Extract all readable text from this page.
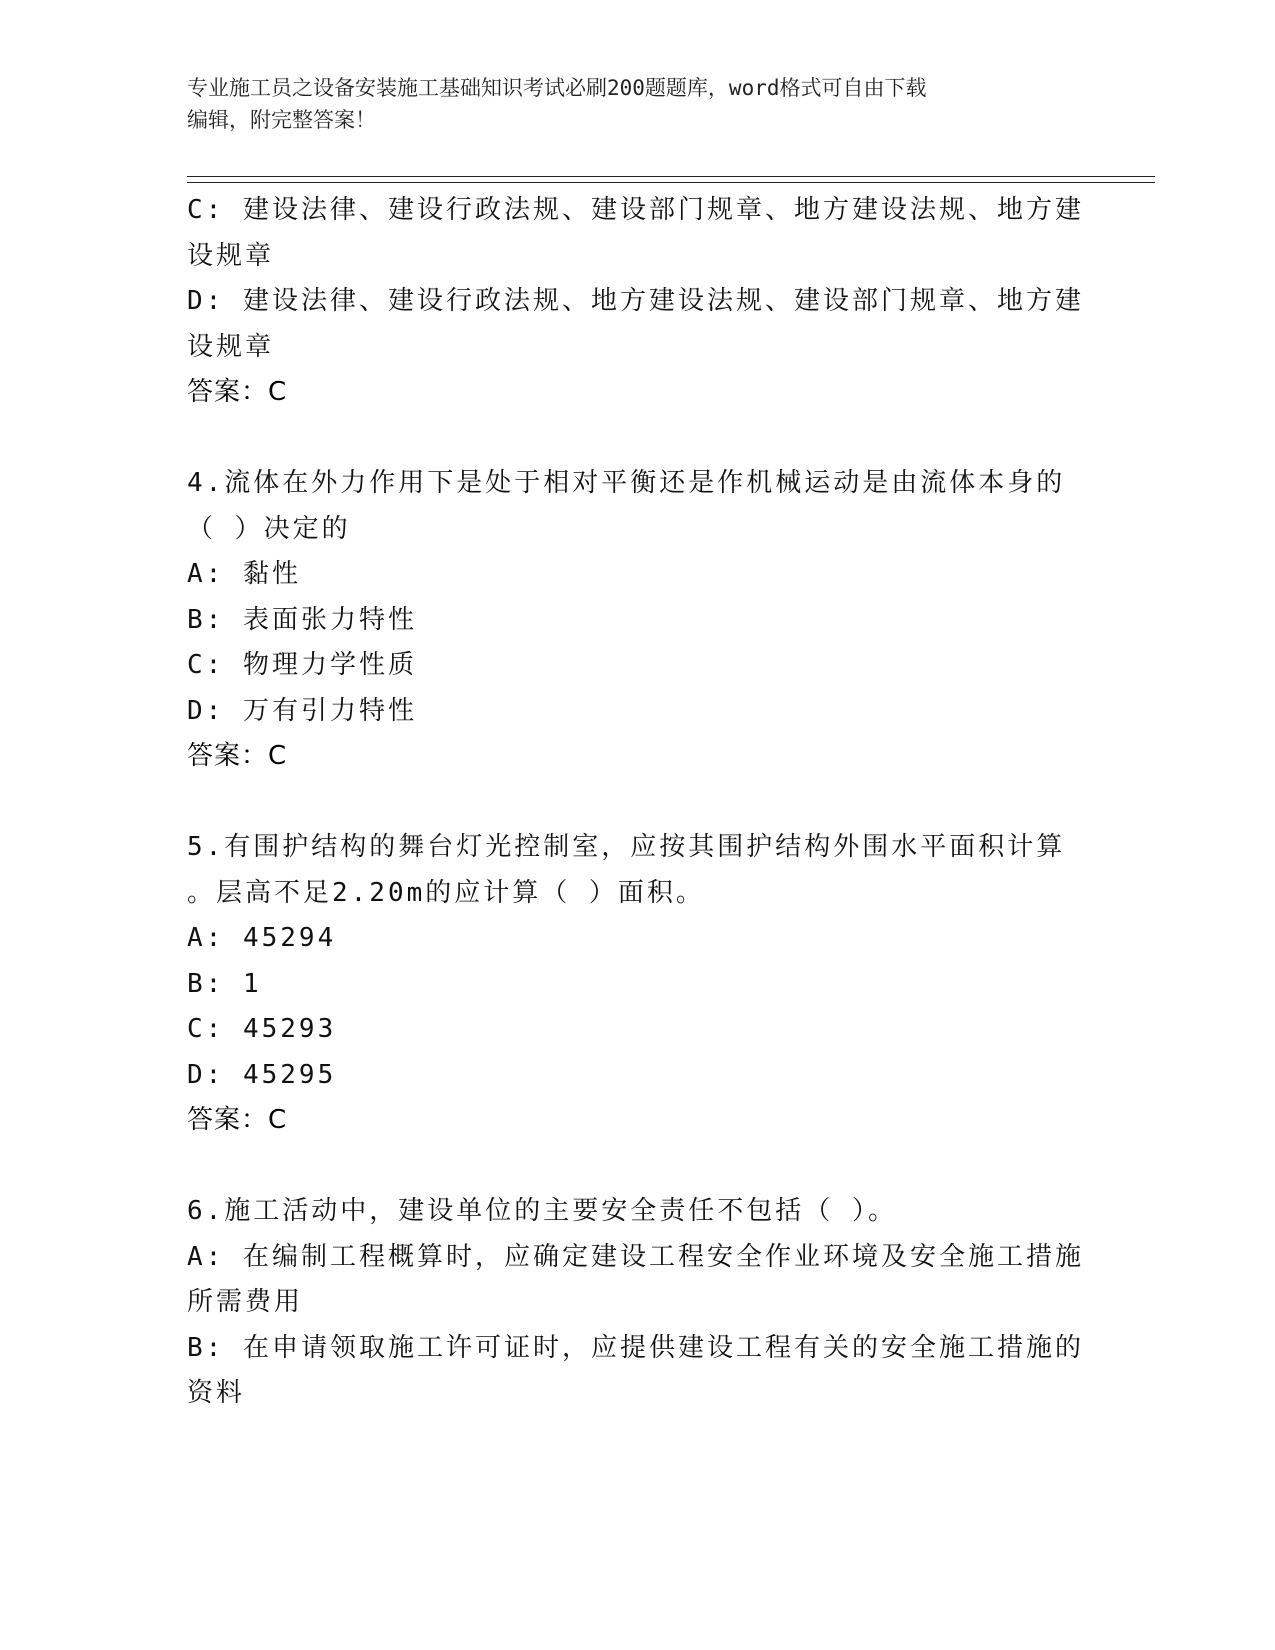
专业施工员之设备安装施工基础知识考试必刷200题题库，word格式可自由下载
编辑，附完整答案！
C: 建设法律、建设行政法规、建设部门规章、地方建设法规、地方建
设规章
D: 建设法律、建设行政法规、地方建设法规、建设部门规章、地方建
设规章
答案：C
4.流体在外力作用下是处于相对平衡还是作机械运动是由流体本身的
（ ）决定的
A: 黏性
B: 表面张力特性
C: 物理力学性质
D: 万有引力特性
答案：C
5.有围护结构的舞台灯光控制室，应按其围护结构外围水平面积计算
。层高不足2.20m的应计算（ ）面积。
A: 45294
B: 1
C: 45293
D: 45295
答案：C
6.施工活动中，建设单位的主要安全责任不包括（ ）。
A: 在编制工程概算时，应确定建设工程安全作业环境及安全施工措施
所需费用
B: 在申请领取施工许可证时，应提供建设工程有关的安全施工措施的
资料
